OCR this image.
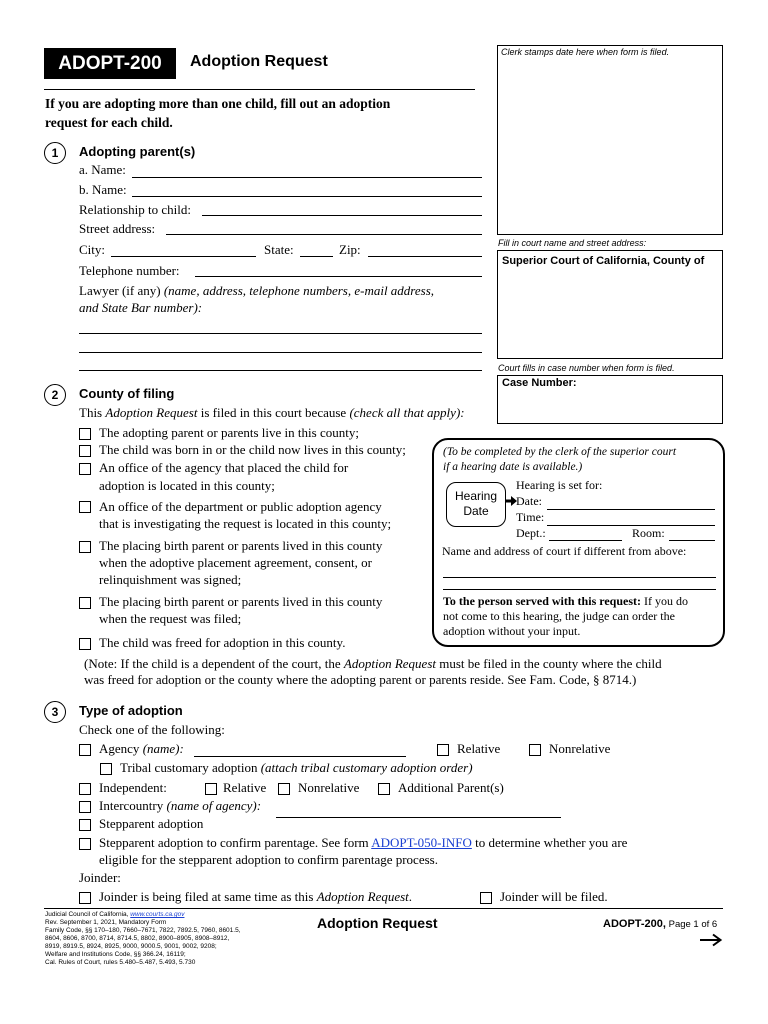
ADOPT-200	Adoption Request
If you are adopting more than one child, fill out an adoption
request for each child.
Clerk stamps date here when form is filed.
Fill in court name and street address:
Superior Court of California, County of
Court fills in case number when form is filed.
Case Number:
1	Adopting parent(s)
a. Name:
b. Name:
Relationship to child:
Street address:
City:	State:	Zip:
Telephone number:
Lawyer (if any) (name, address, telephone numbers, e-mail address,
and State Bar number):
2	County of filing
This Adoption Request is filed in this court because (check all that apply):
The adopting parent or parents live in this county;
The child was born in or the child now lives in this county;
An office of the agency that placed the child for
adoption is located in this county;
An office of the department or public adoption agency
that is investigating the request is located in this county;
The placing birth parent or parents lived in this county
when the adoptive placement agreement, consent, or
relinquishment was signed;
The placing birth parent or parents lived in this county
when the request was filed;
The child was freed for adoption in this county.
(Note: If the child is a dependent of the court, the Adoption Request must be filed in the county where the child
was freed for adoption or the county where the adopting parent or parents reside. See Fam. Code, § 8714.)
(To be completed by the clerk of the superior court
if a hearing date is available.)
Hearing
Date
Hearing is set for:
Date:
Time:
Dept.:	Room:
Name and address of court if different from above:
To the person served with this request: If you do
not come to this hearing, the judge can order the
adoption without your input.
3	Type of adoption
Check one of the following:
Agency (name):	Relative	Nonrelative
Tribal customary adoption (attach tribal customary adoption order)
Independent:	Relative Nonrelative	Additional Parent(s)
Intercountry (name of agency):
Stepparent adoption
Stepparent adoption to confirm parentage. See form ADOPT-050-INFO to determine whether you are
eligible for the stepparent adoption to confirm parentage process.
Joinder:
Joinder is being filed at same time as this Adoption Request.	Joinder will be filed.
Judicial Council of California, www.courts.ca.gov
Rev. September 1, 2021, Mandatory Form
Family Code, §§ 170–180, 7660–7671, 7822, 7892.5, 7960, 8601.5,
8604, 8606, 8700, 8714, 8714.5, 8802, 8900–8905, 8908–8912,
8919, 8919.5, 8924, 8925, 9000, 9000.5, 9001, 9002, 9208;
Welfare and Institutions Code, §§ 366.24, 16119;
Cal. Rules of Court, rules 5.480–5.487, 5.493, 5.730
Adoption Request	ADOPT-200, Page 1 of 6
